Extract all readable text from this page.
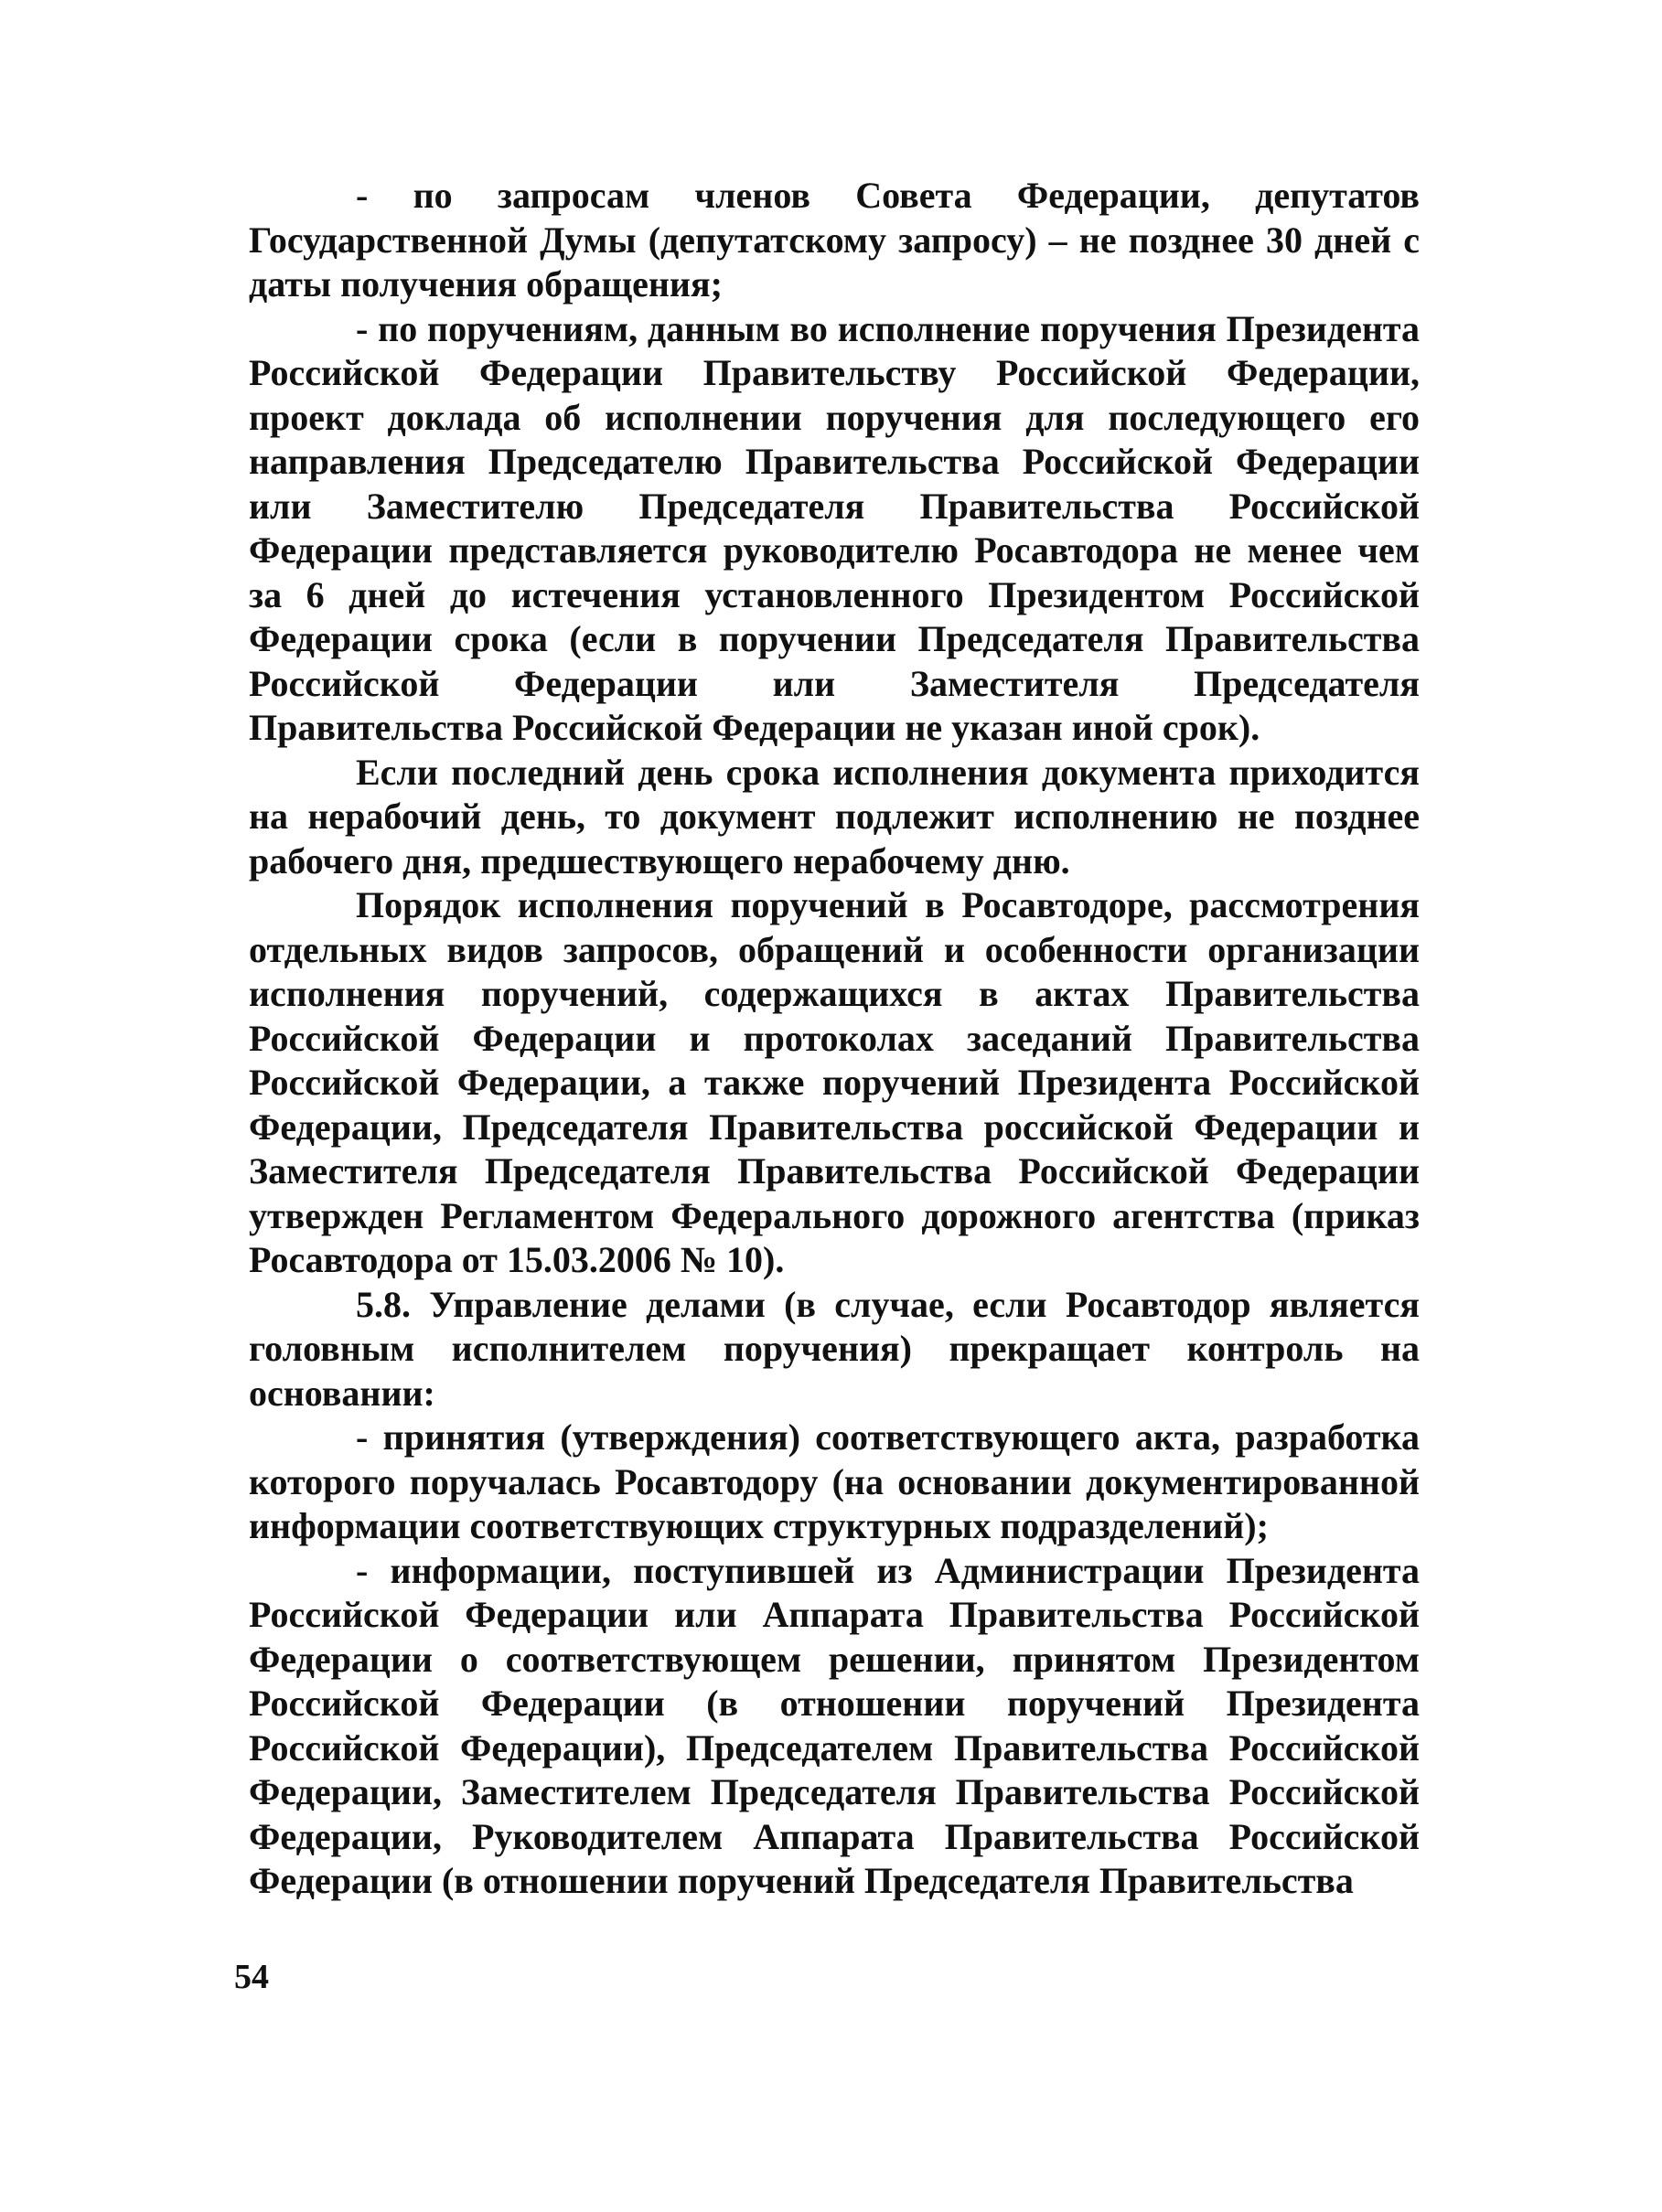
- по запросам членов Совета Федерации, депутатов Государственной Думы (депутатскому запросу) – не позднее 30 дней с даты получения обращения;

- по поручениям, данным во исполнение поручения Президента Российской Федерации Правительству Российской Федерации, проект доклада об исполнении поручения для последующего его направления Председателю Правительства Российской Федерации или Заместителю Председателя Правительства Российской Федерации представляется руководителю Росавтодора не менее чем за 6 дней до истечения установленного Президентом Российской Федерации срока (если в поручении Председателя Правительства Российской Федерации или Заместителя Председателя Правительства Российской Федерации не указан иной срок).

Если последний день срока исполнения документа приходится на нерабочий день, то документ подлежит исполнению не позднее рабочего дня, предшествующего нерабочему дню.

Порядок исполнения поручений в Росавтодоре, рассмотрения отдельных видов запросов, обращений и особенности организации исполнения поручений, содержащихся в актах Правительства Российской Федерации и протоколах заседаний Правительства Российской Федерации, а также поручений Президента Российской Федерации, Председателя Правительства российской Федерации и Заместителя Председателя Правительства Российской Федерации утвержден Регламентом Федерального дорожного агентства (приказ Росавтодора от 15.03.2006 № 10).

5.8. Управление делами (в случае, если Росавтодор является головным исполнителем поручения) прекращает контроль на основании:

- принятия (утверждения) соответствующего акта, разработка которого поручалась Росавтодору (на основании документированной информации соответствующих структурных подразделений);

- информации, поступившей из Администрации Президента Российской Федерации или Аппарата Правительства Российской Федерации о соответствующем решении, принятом Президентом Российской Федерации (в отношении поручений Президента Российской Федерации), Председателем Правительства Российской Федерации, Заместителем Председателя Правительства Российской Федерации, Руководителем Аппарата Правительства Российской Федерации (в отношении поручений Председателя Правительства

54
